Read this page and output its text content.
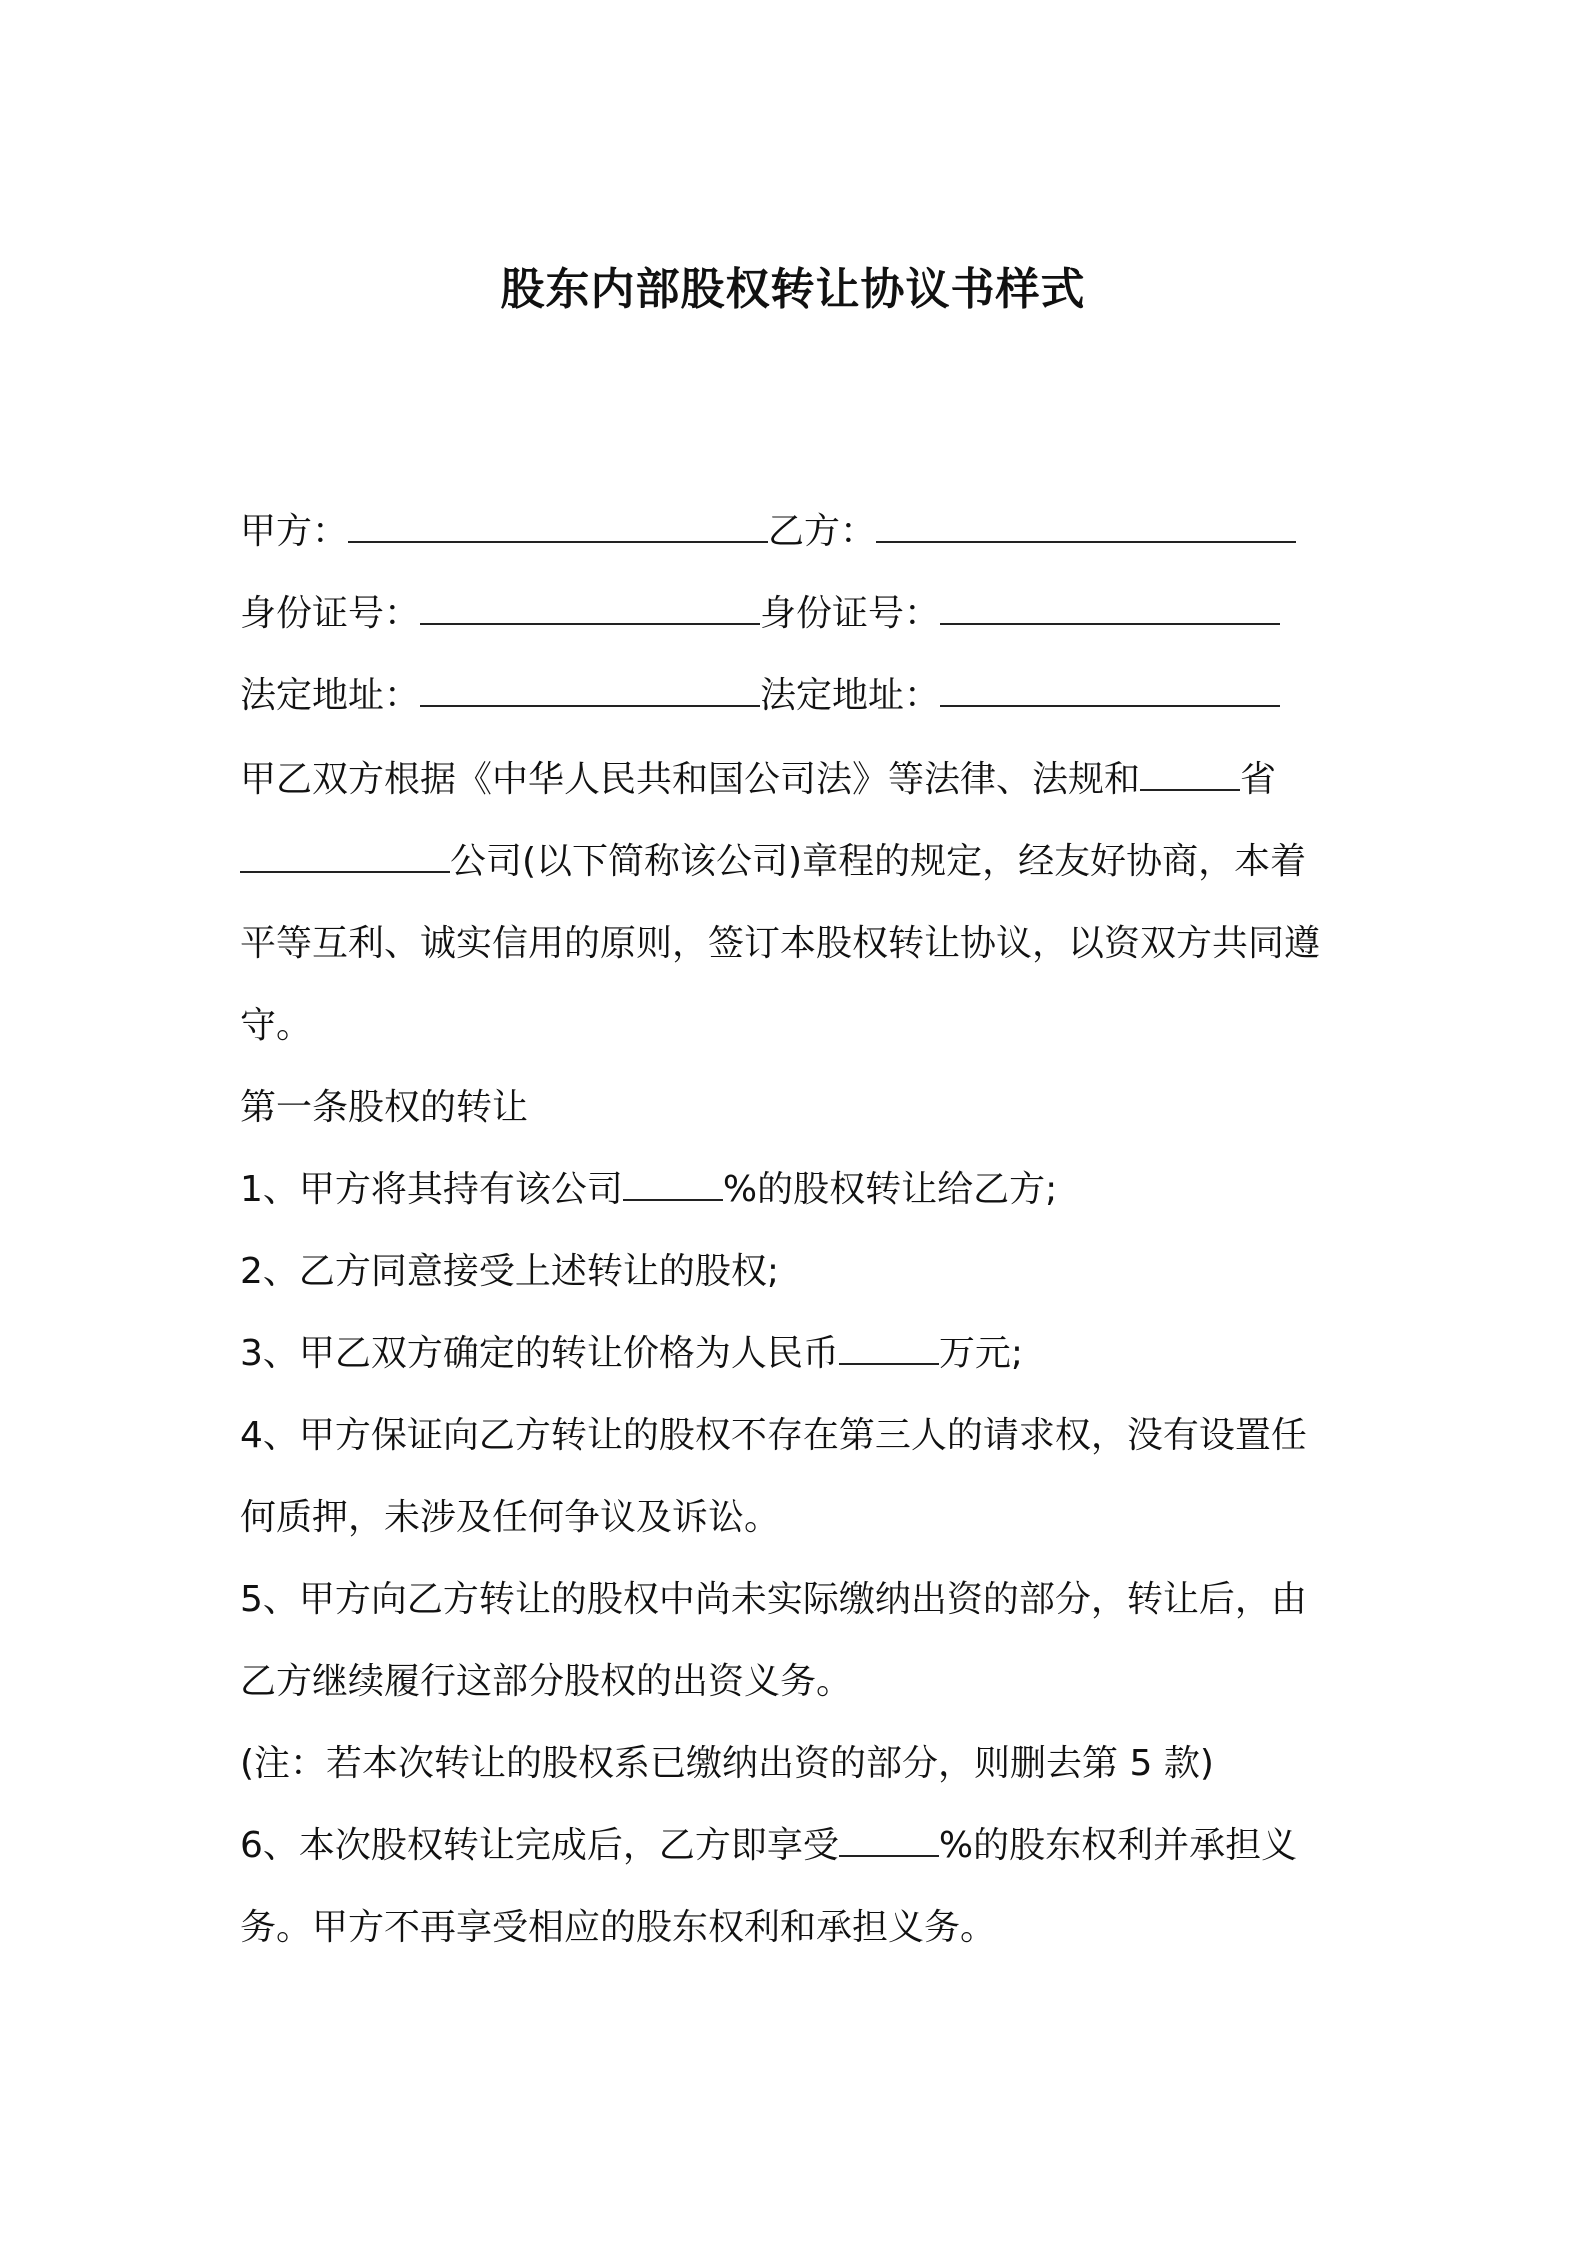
股东内部股权转让协议书样式
甲方：	乙方：
身份证号：	身份证号：
法定地址：	法定地址：
甲乙双方根据《中华人民共和国公司法》等法律、法规和	省
公司(以下简称该公司)章程的规定，经友好协商，本着
平等互利、诚实信用的原则，签订本股权转让协议，以资双方共同遵
守。
第一条股权的转让
1、甲方将其持有该公司	%的股权转让给乙方;
2、乙方同意接受上述转让的股权;
3、甲乙双方确定的转让价格为人民币	万元;
4、甲方保证向乙方转让的股权不存在第三人的请求权，没有设置任
何质押，未涉及任何争议及诉讼。
5、甲方向乙方转让的股权中尚未实际缴纳出资的部分，转让后，由
乙方继续履行这部分股权的出资义务。
(注：若本次转让的股权系已缴纳出资的部分，则删去第 5 款)
6、本次股权转让完成后，乙方即享受	%的股东权利并承担义
务。甲方不再享受相应的股东权利和承担义务。
